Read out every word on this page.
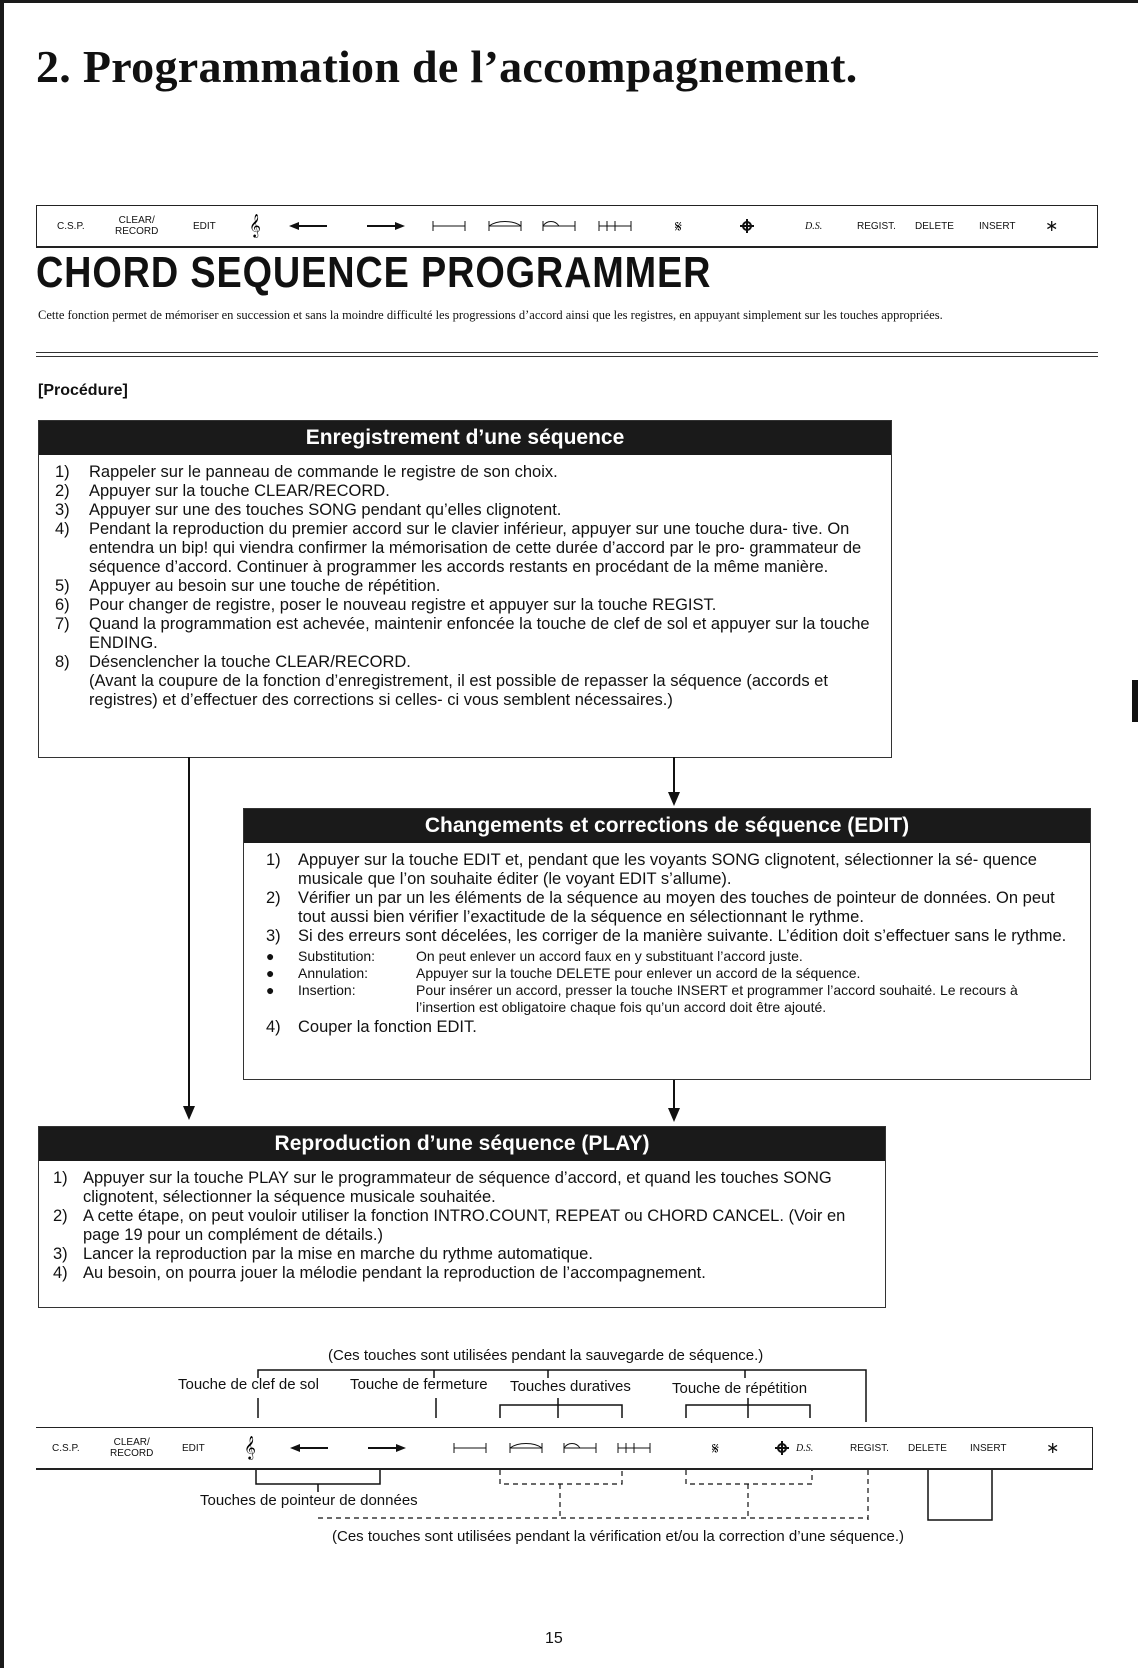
2. Programmation de l’accompagnement.
C.S.P.	CLEAR/
RECORD	EDIT 𝄞	𝄋	D.S.	REGIST. DELETE	INSERT ∗
CHORD SEQUENCE PROGRAMMER
Cette fonction permet de mémoriser en succession et sans la moindre difficulté les progressions d’accord ainsi que les registres, en appuyant simplement sur les touches appropriées.
[Procédure]
Enregistrement d’une séquence
1) Rappeler sur le panneau de commande le registre de son choix.
2) Appuyer sur la touche CLEAR/RECORD.
3) Appuyer sur une des touches SONG pendant qu’elles clignotent.
4) Pendant la reproduction du premier accord sur le clavier inférieur, appuyer sur une touche dura- tive. On entendra un bip! qui viendra confirmer la mémorisation de cette durée d’accord par le pro- grammateur de séquence d’accord. Continuer à programmer les accords restants en procédant de la même manière.
5) Appuyer au besoin sur une touche de répétition.
6) Pour changer de registre, poser le nouveau registre et appuyer sur la touche REGIST.
7) Quand la programmation est achevée, maintenir enfoncée la touche de clef de sol et appuyer sur la touche ENDING.
8) Désenclencher la touche CLEAR/RECORD.
(Avant la coupure de la fonction d’enregistrement, il est possible de repasser la séquence (accords et registres) et d’effectuer des corrections si celles- ci vous semblent nécessaires.)
Changements et corrections de séquence (EDIT)
1) Appuyer sur la touche EDIT et, pendant que les voyants SONG clignotent, sélectionner la sé- quence musicale que l’on souhaite éditer (le voyant EDIT s’allume).
2) Vérifier un par un les éléments de la séquence au moyen des touches de pointeur de données. On peut tout aussi bien vérifier l’exactitude de la séquence en sélectionnant le rythme.
3) Si des erreurs sont décelées, les corriger de la manière suivante. L’édition doit s’effectuer sans le rythme.
● Substitution:	On peut enlever un accord faux en y substituant l’accord juste.
● Annulation:	Appuyer sur la touche DELETE pour enlever un accord de la séquence.
● Insertion:	Pour insérer un accord, presser la touche INSERT et programmer l’accord souhaité. Le recours à l’insertion est obligatoire chaque fois qu’un accord doit être ajouté.
4) Couper la fonction EDIT.
Reproduction d’une séquence (PLAY)
1) Appuyer sur la touche PLAY sur le programmateur de séquence d’accord, et quand les touches SONG clignotent, sélectionner la séquence musicale souhaitée.
2) A cette étape, on peut vouloir utiliser la fonction INTRO.COUNT, REPEAT ou CHORD CANCEL. (Voir en page 19 pour un complément de détails.)
3) Lancer la reproduction par la mise en marche du rythme automatique.
4) Au besoin, on pourra jouer la mélodie pendant la reproduction de l’accompagnement.
(Ces touches sont utilisées pendant la sauvegarde de séquence.)
Touche de clef de sol Touche de fermeture Touches duratives	Touche de répétition
C.S.P.	CLEAR/
RECORD	EDIT 𝄞	𝄋	D.S.	REGIST. DELETE INSERT ∗
Touches de pointeur de données
(Ces touches sont utilisées pendant la vérification et/ou la correction d’une séquence.)
15
